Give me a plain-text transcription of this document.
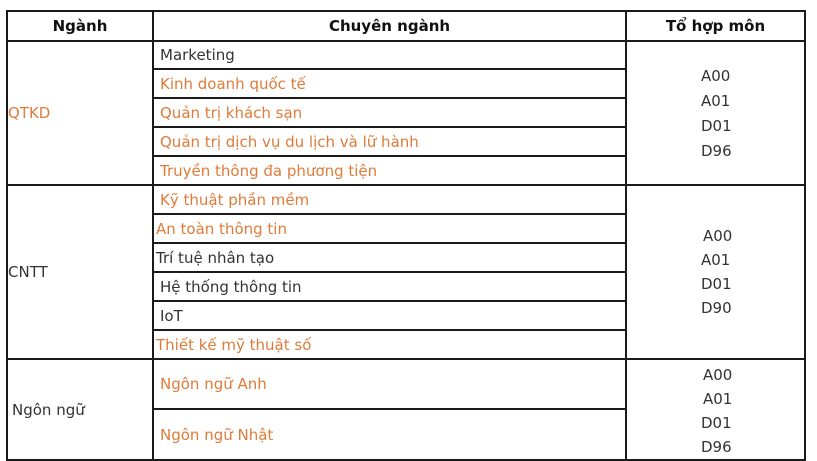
Ngành	Chuyên ngành	Tổ hợp môn
QTKD
Marketing
Kinh doanh quốc tế
Quản trị khách sạn
Quản trị dịch vụ du lịch và lữ hành
Truyền thông đa phương tiện
A00
A01
D01
D96
CNTT
Kỹ thuật phần mềm
An toàn thông tin
Trí tuệ nhân tạo
Hệ thống thông tin
IoT
Thiết kế mỹ thuật số
A00
A01
D01
D90
Ngôn ngữ
Ngôn ngữ Anh
Ngôn ngữ Nhật
A00
A01
D01
D96
